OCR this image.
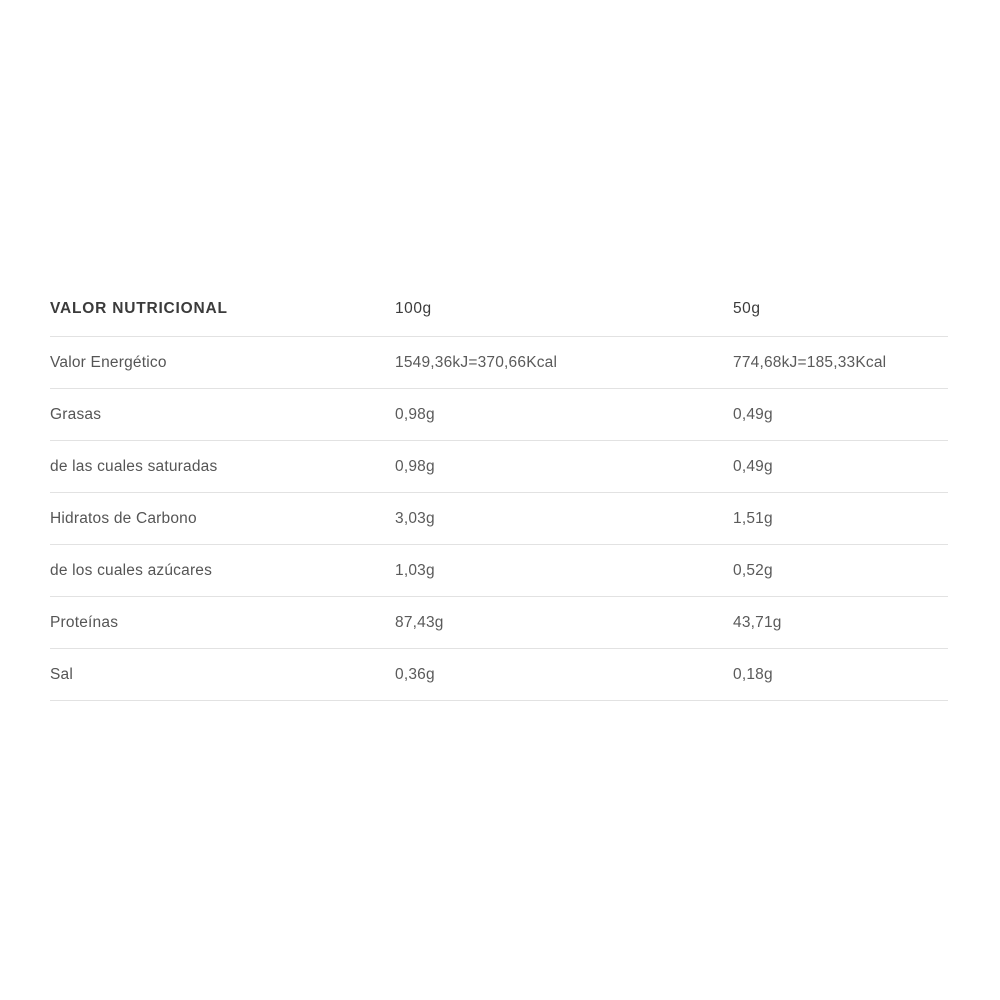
VALOR NUTRICIONAL	100g	50g
Valor Energético	1549,36kJ=370,66Kcal	774,68kJ=185,33Kcal
Grasas	0,98g	0,49g
de las cuales saturadas	0,98g	0,49g
Hidratos de Carbono	3,03g	1,51g
de los cuales azúcares	1,03g	0,52g
Proteínas	87,43g	43,71g
Sal	0,36g	0,18g
